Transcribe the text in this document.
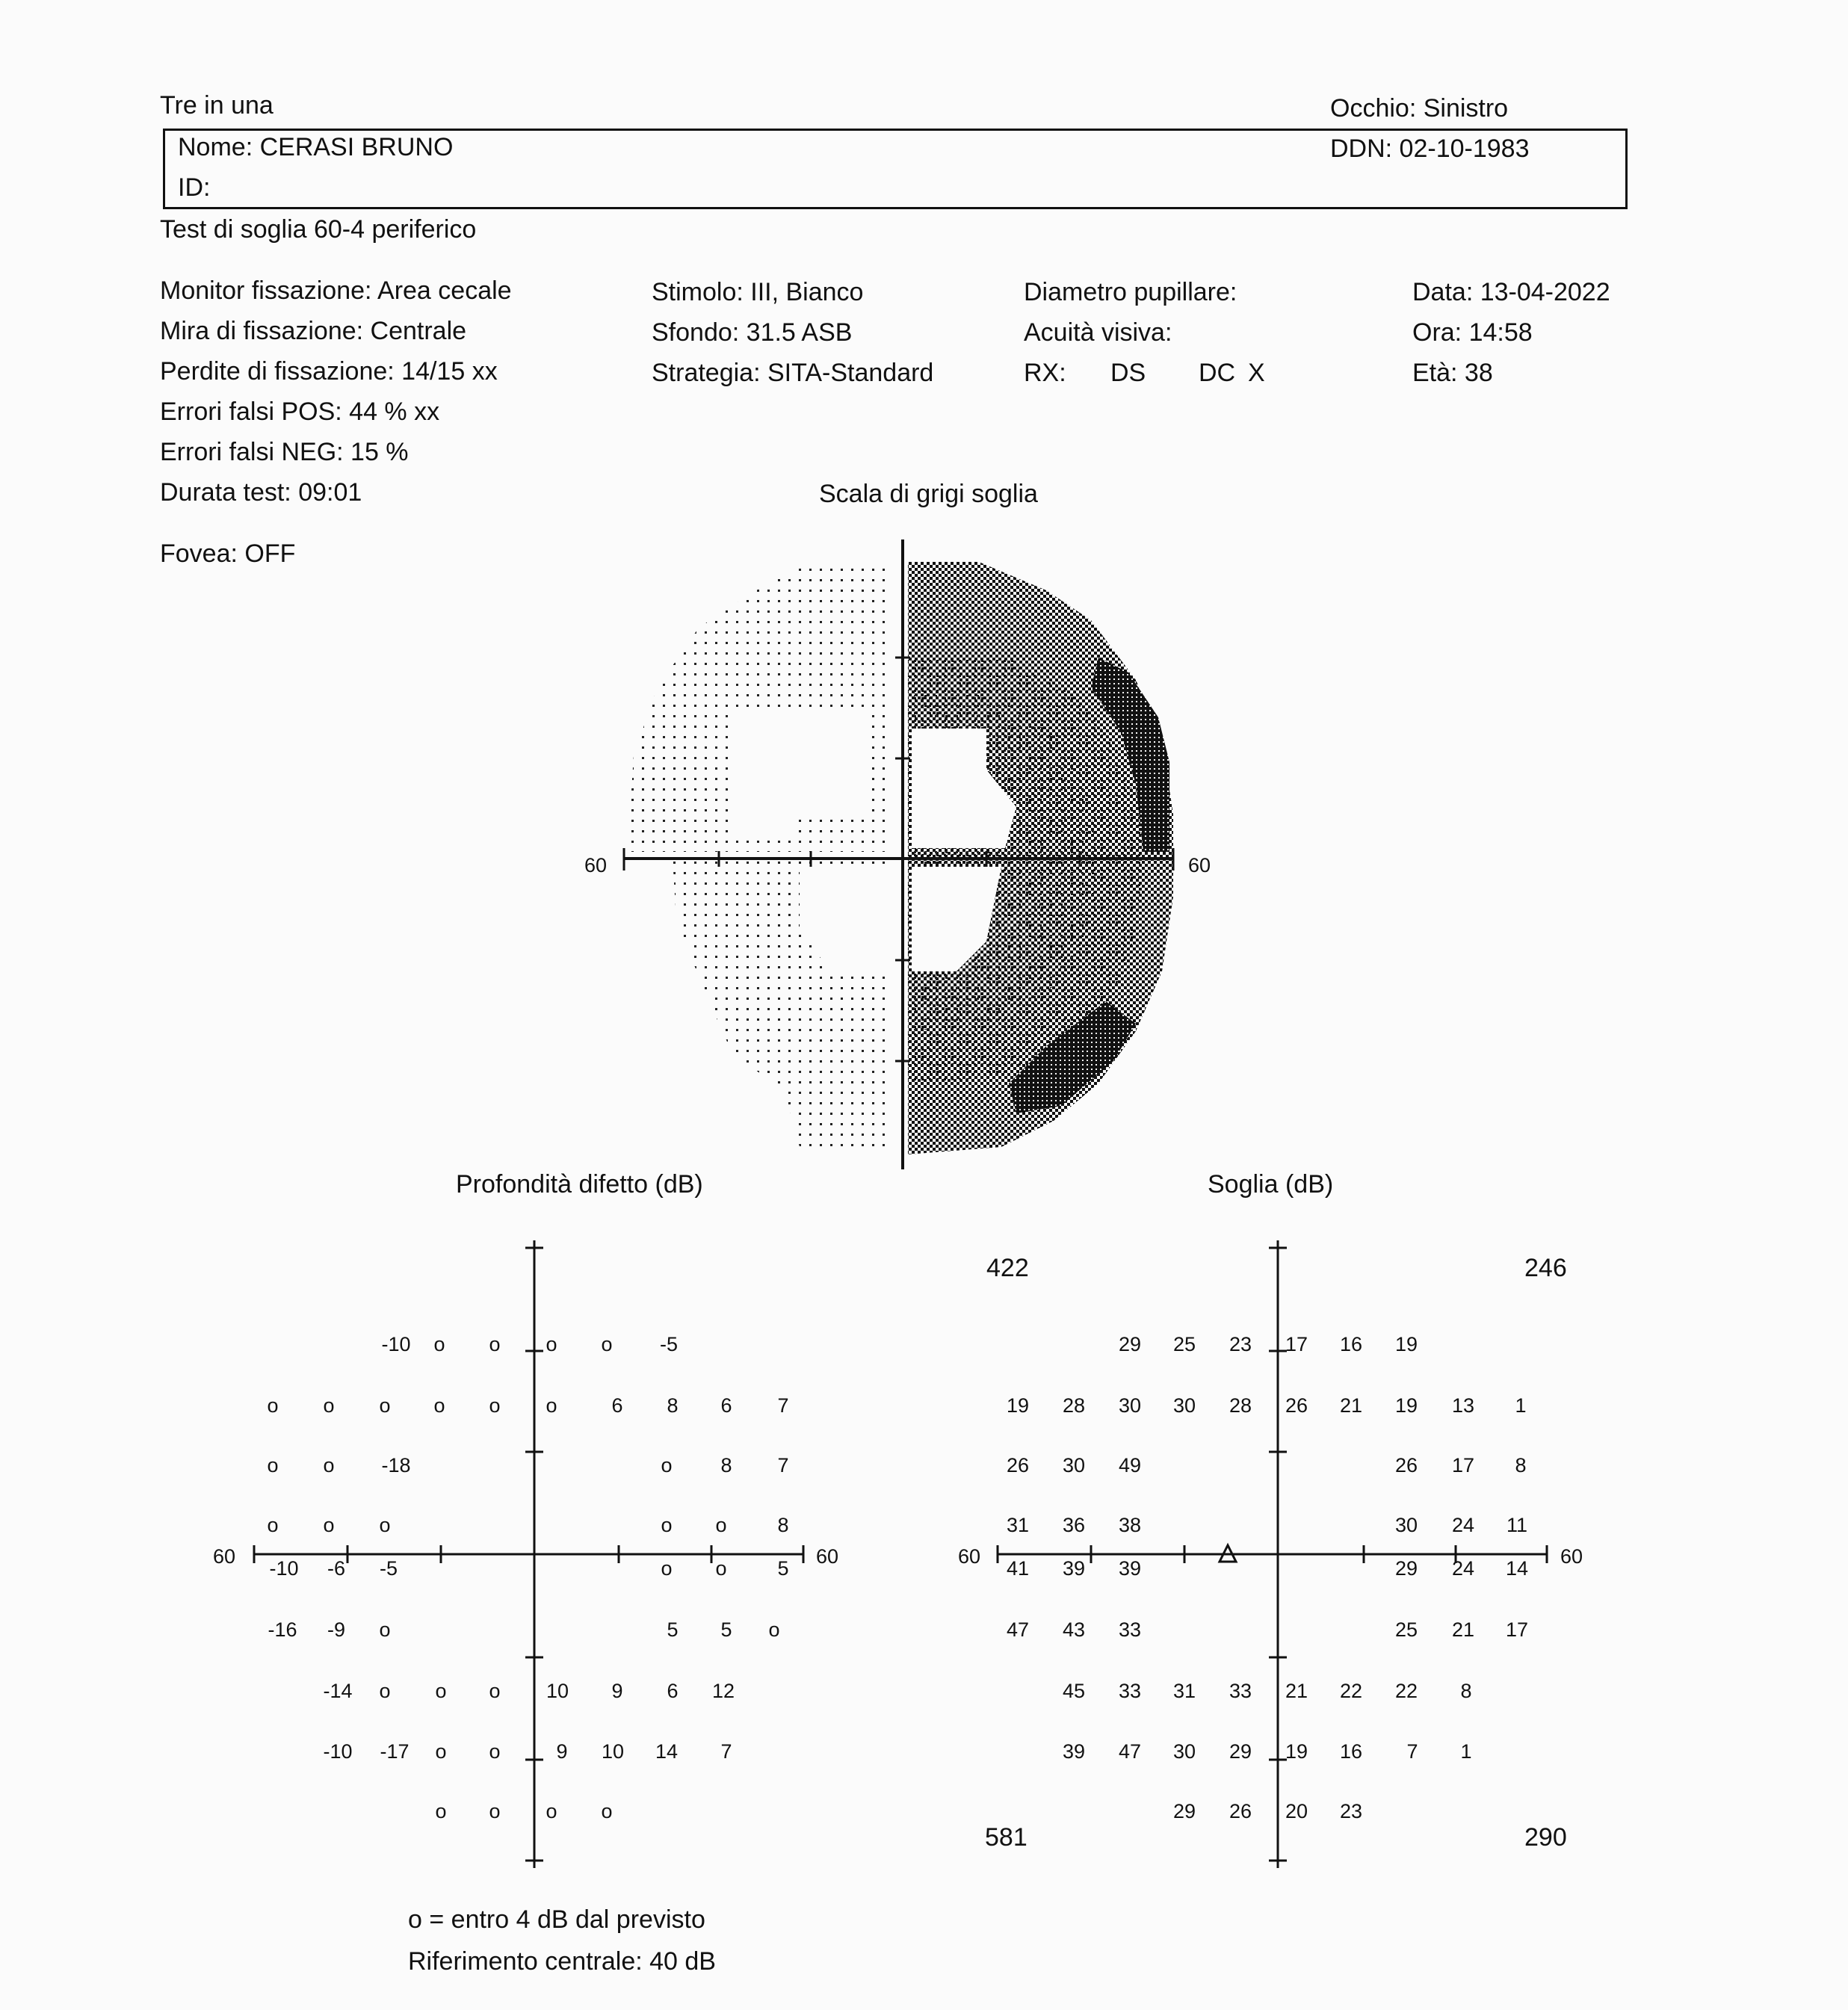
Tre in una	Occhio: Sinistro
Nome: CERASI BRUNO	DDN: 02-10-1983
ID:
Test di soglia 60-4 periferico
Monitor fissazione: Area cecale
Mira di fissazione: Centrale
Perdite di fissazione: 14/15 xx
Errori falsi POS: 44 % xx
Errori falsi NEG: 15 %
Durata test: 09:01
Fovea: OFF
Stimolo: III, Bianco
Sfondo: 31.5 ASB
Strategia: SITA-Standard
Diametro pupillare:
Acuità visiva:
RX: DS DC X
Data: 13-04-2022
Ora: 14:58
Età: 38
Scala di grigi soglia
Profondità difetto (dB)	Soglia (dB)
o = entro 4 dB dal previsto
Riferimento centrale: 40 dB
60	60
60	60
-10 o o o o -5
o o o o o o	6 8 6 7
o o -18	o 8 7
o o o	o o	8
-10 -6 -5	o o	5
-16 -9 o	5 5 o
-14 o o o 10 9 6 12
-10 -17 o o	9 10 14 7
o o o o
60	60
422	246
581	290
29 25 23 17 16 19
19 28 30 30 28 26 21 19 13 1
26 30 49	26 17 8
31 36 38	30 24 11
41 39 39	29 24 14
47 43 33	25 21 17
45 33 31 33 21 22 22 8
39 47 30 29 19 16 7 1
29 26 20 23
